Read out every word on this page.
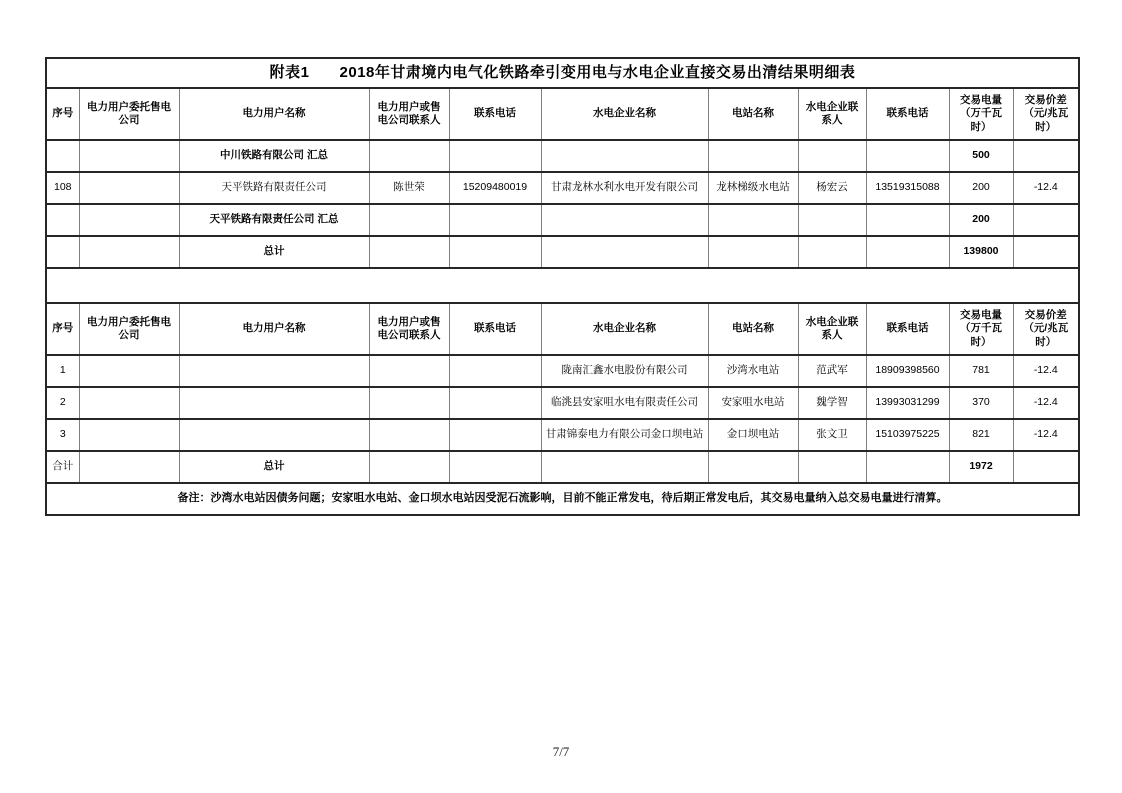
附表1 2018年甘肃境内电气化铁路牵引变用电与水电企业直接交易出清结果明细表										
序号	电力用户委托售电公司	电力用户名称	电力用户或售电公司联系人	联系电话	水电企业名称	电站名称	水电企业联系人	联系电话	交易电量（万千瓦时）	交易价差（元/兆瓦时）
		中川铁路有限公司 汇总							500	
108		天平铁路有限责任公司	陈世荣	15209480019	甘肃龙林水利水电开发有限公司	龙林梯级水电站	杨宏云	13519315088	200	-12.4
		天平铁路有限责任公司 汇总							200	
		总计							139800	

序号	电力用户委托售电公司	电力用户名称	电力用户或售电公司联系人	联系电话	水电企业名称	电站名称	水电企业联系人	联系电话	交易电量（万千瓦时）	交易价差（元/兆瓦时）
1					陇南汇鑫水电股份有限公司	沙湾水电站	范武军	18909398560	781	-12.4
2					临洮县安家咀水电有限责任公司	安家咀水电站	魏学智	13993031299	370	-12.4
3					甘肃锦泰电力有限公司金口坝电站	金口坝电站	张文卫	15103975225	821	-12.4
合计		总计							1972	
备注：沙湾水电站因债务问题；安家咀水电站、金口坝水电站因受泥石流影响，目前不能正常发电，待后期正常发电后，其交易电量纳入总交易电量进行清算。										
7/7
